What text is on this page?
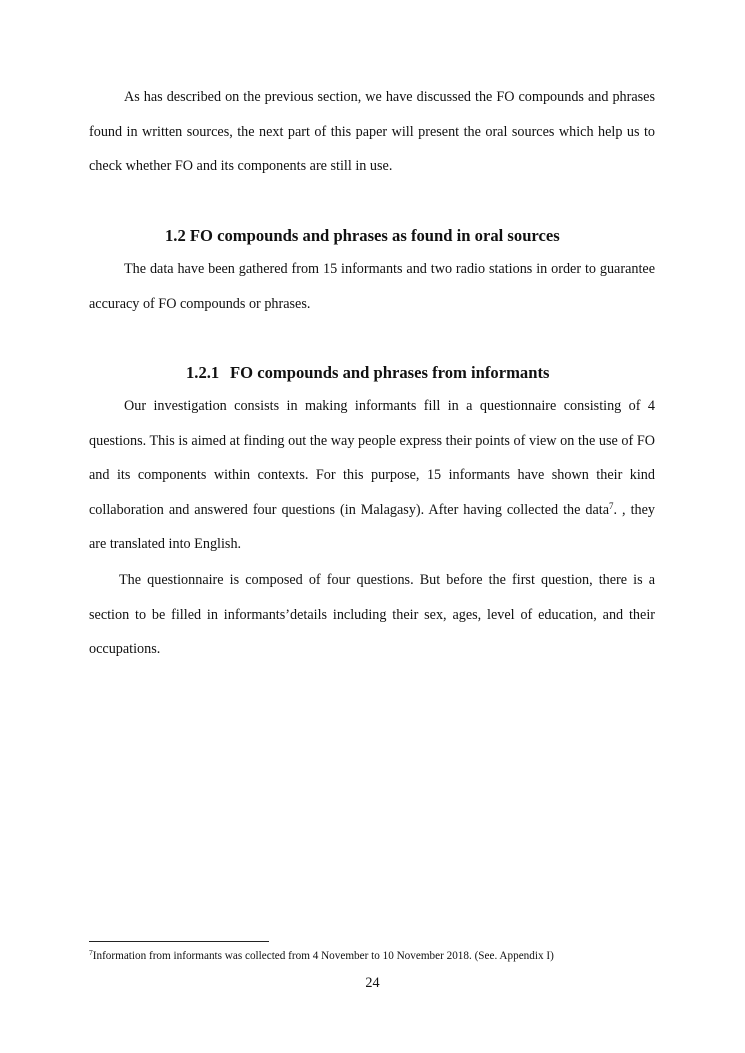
As has described on the previous section, we have discussed the FO compounds and phrases found in written sources, the next part of this paper will present the oral sources which help us to check whether FO and its components are still in use.

1.2 FO compounds and phrases as found in oral sources

The data have been gathered from 15 informants and two radio stations in order to guarantee accuracy of FO compounds or phrases.

1.2.1 FO compounds and phrases from informants

Our investigation consists in making informants fill in a questionnaire consisting of 4 questions. This is aimed at finding out the way people express their points of view on the use of FO and its components within contexts. For this purpose, 15 informants have shown their kind collaboration and answered four questions (in Malagasy). After having collected the data$^7$. , they are translated into English.

The questionnaire is composed of four questions. But before the first question, there is a section to be filled in informants’details including their sex, ages, level of education, and their occupations.

$^7$Information from informants was collected from 4 November to 10 November 2018. (See. Appendix I)

24
